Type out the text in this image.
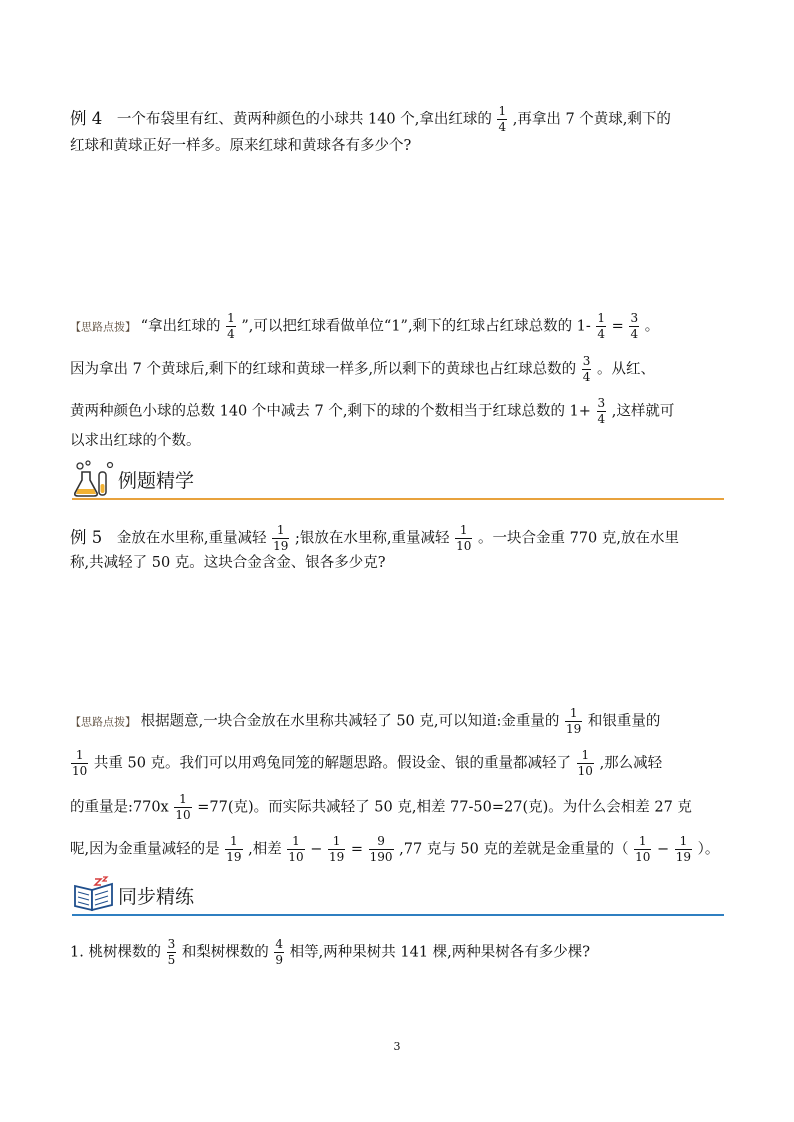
例 4 一个布袋里有红、黄两种颜色的小球共 140 个,拿出红球的 $\frac{1}{4}$ ,再拿出 7 个黄球,剩下的
红球和黄球正好一样多。原来红球和黄球各有多少个?
【思路点拨】 “拿出红球的 $\frac{1}{4}$ ”,可以把红球看做单位“1”,剩下的红球占红球总数的 $1- \frac{1}{4} = \frac{3}{4}$ 。
因为拿出 7 个黄球后,剩下的红球和黄球一样多,所以剩下的黄球也占红球总数的 $\frac{3}{4}$ 。从红、
黄两种颜色小球的总数 140 个中减去 7 个,剩下的球的个数相当于红球总数的 $1+ \frac{3}{4}$ ,这样就可
以求出红球的个数。
例题精学
例 5 金放在水里称,重量减轻 $\frac{1}{19}$ ;银放在水里称,重量减轻 $\frac{1}{10}$ 。一块合金重 770 克,放在水里
称,共减轻了 50 克。这块合金含金、银各多少克?
【思路点拨】 根据题意,一块合金放在水里称共减轻了 50 克,可以知道:金重量的 $\frac{1}{19}$ 和银重量的
$\frac{1}{10}$ 共重 50 克。我们可以用鸡兔同笼的解题思路。假设金、银的重量都减轻了 $\frac{1}{10}$ ,那么减轻
的重量是:770x $\frac{1}{10} =77$(克)。而实际共减轻了 50 克,相差 77-50=27(克)。为什么会相差 27 克
呢,因为金重量减轻的是 $\frac{1}{19}$ ,相差 $\frac{1}{10} - \frac{1}{19} = \frac{9}{190} ,77$ 克与 50 克的差就是金重量的（ $\frac{1}{10} - \frac{1}{19}$ ）。
同步精练
1. 桃树棵数的 $\frac{3}{5}$ 和梨树棵数的 $\frac{4}{9}$ 相等,两种果树共 141 棵,两种果树各有多少棵?
3
